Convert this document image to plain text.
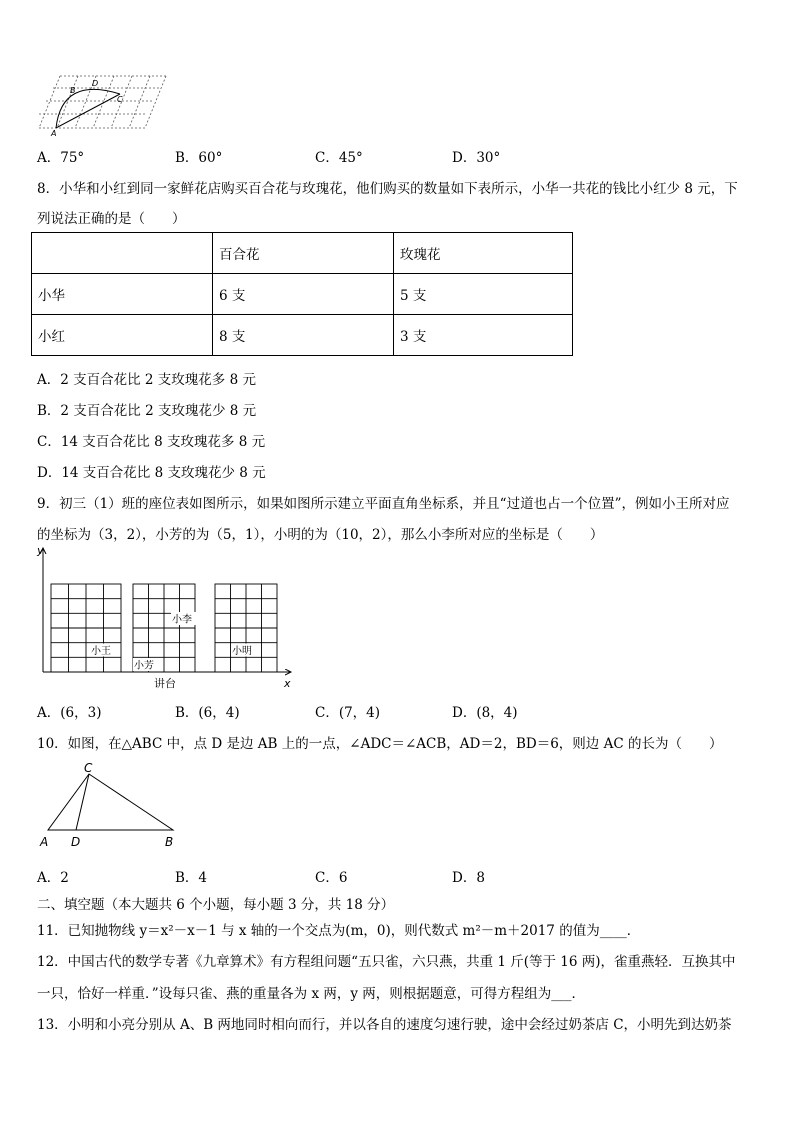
A
B
D
C
A．75°	B．60°	C．45°	D．30°
8．小华和小红到同一家鲜花店购买百合花与玫瑰花，他们购买的数量如下表所示，小华一共花的钱比小红少 8 元，下
列说法正确的是（　　）
	百合花	玫瑰花
小华	6 支	5 支
小红	8 支	3 支
A．2 支百合花比 2 支玫瑰花多 8 元
B．2 支百合花比 2 支玫瑰花少 8 元
C．14 支百合花比 8 支玫瑰花多 8 元
D．14 支百合花比 8 支玫瑰花少 8 元
9．初三（1）班的座位表如图所示，如果如图所示建立平面直角坐标系，并且“过道也占一个位置”，例如小王所对应
的坐标为（3，2），小芳的为（5，1），小明的为（10，2），那么小李所对应的坐标是（　　）
y
x
小王
小芳
小李
小明
讲台
A．(6，3)	B．(6，4)	C．(7，4)	D．(8，4)
10．如图，在△ABC 中，点 D 是边 AB 上的一点，∠ADC＝∠ACB，AD＝2，BD＝6，则边 AC 的长为（　　）
C
A D	B
A．2	B．4	C．6	D．8
二、填空题（本大题共 6 个小题，每小题 3 分，共 18 分）
11．已知抛物线 y＝x²－x－1 与 x 轴的一个交点为(m，0)，则代数式 m²－m＋2017 的值为____．
12．中国古代的数学专著《九章算术》有方程组问题“五只雀，六只燕，共重 1 斤(等于 16 两)，雀重燕轻．互换其中
一只，恰好一样重．”设每只雀、燕的重量各为 x 两，y 两，则根据题意，可得方程组为___．
13．小明和小亮分别从 A、B 两地同时相向而行，并以各自的速度匀速行驶，途中会经过奶茶店 C，小明先到达奶茶
